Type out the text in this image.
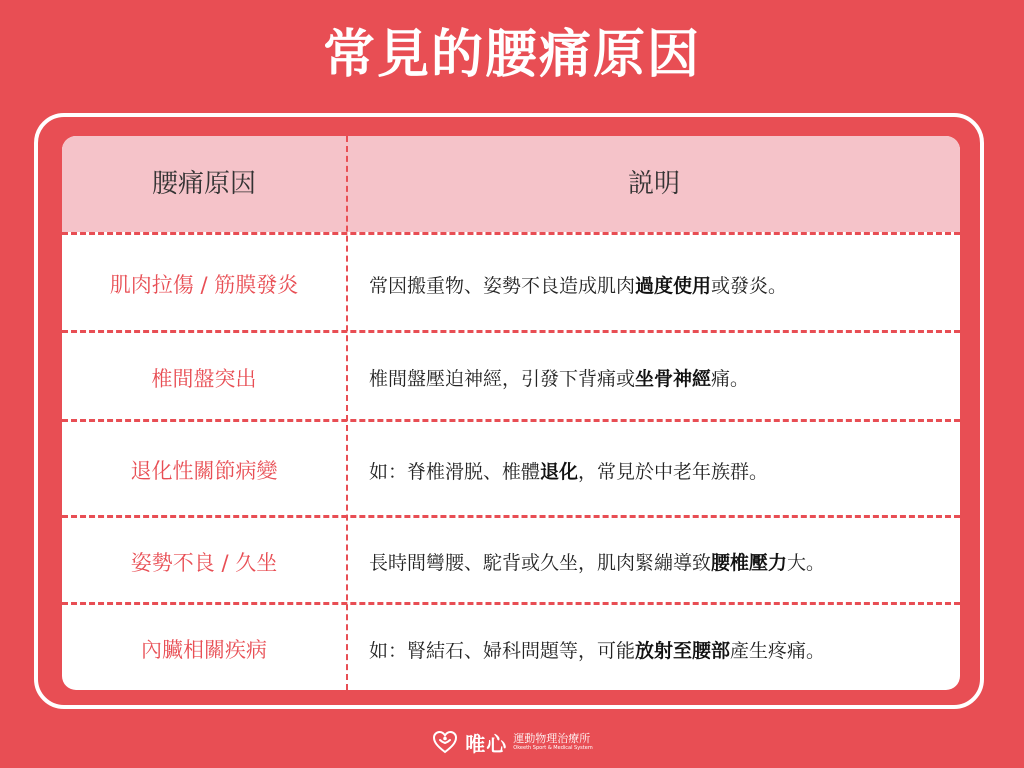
常見的腰痛原因
腰痛原因	説明
肌肉拉傷 / 筋膜發炎	常因搬重物、姿勢不良造成肌肉 過度使用 或發炎。
椎間盤突出	椎間盤壓迫神經，引發下背痛或 坐骨神經 痛。
退化性關節病變	如：脊椎滑脱、椎體 退化 ，常見於中老年族群。
姿勢不良 / 久坐	長時間彎腰、駝背或久坐，肌肉緊繃導致 腰椎壓力 大。
內臟相關疾病	如：腎結石、婦科問題等，可能 放射至腰部 產生疼痛。
唯心 運動物理治療所
Okeeth Sport & Medical System
